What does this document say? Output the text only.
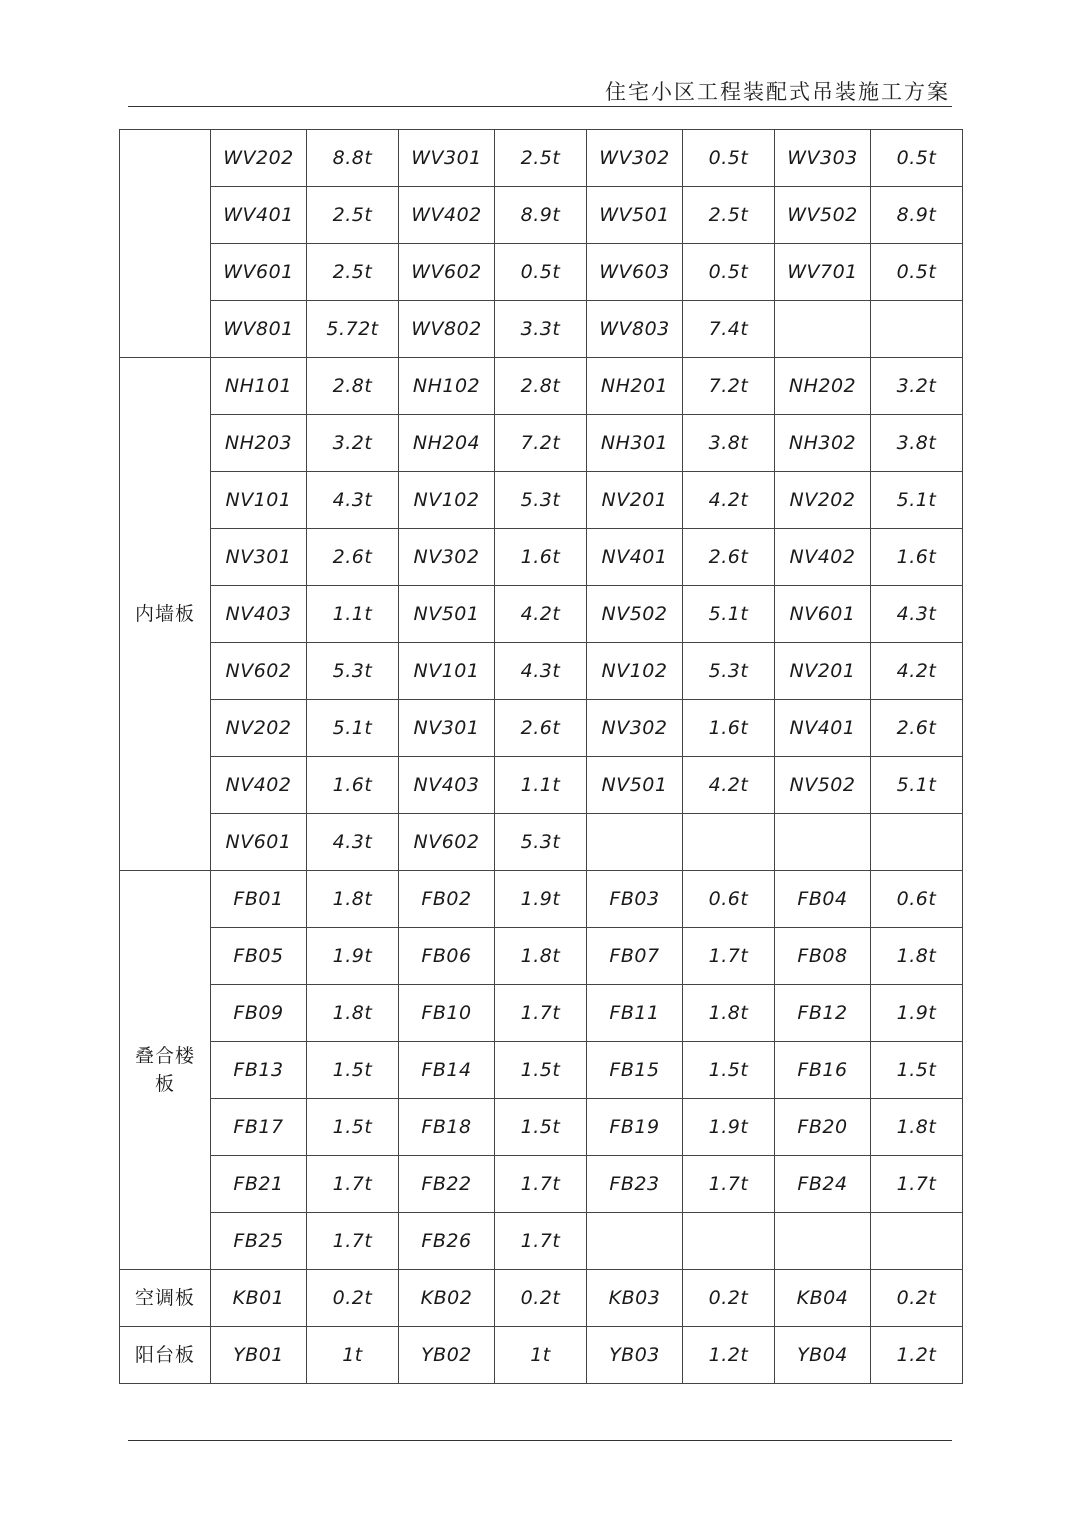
住宅小区工程装配式吊装施工方案
	WV202	8.8t	WV301	2.5t	WV302	0.5t	WV303	0.5t
	WV401	2.5t	WV402	8.9t	WV501	2.5t	WV502	8.9t
	WV601	2.5t	WV602	0.5t	WV603	0.5t	WV701	0.5t
	WV801	5.72t	WV802	3.3t	WV803	7.4t		
内墙板	NH101	2.8t	NH102	2.8t	NH201	7.2t	NH202	3.2t
	NH203	3.2t	NH204	7.2t	NH301	3.8t	NH302	3.8t
	NV101	4.3t	NV102	5.3t	NV201	4.2t	NV202	5.1t
	NV301	2.6t	NV302	1.6t	NV401	2.6t	NV402	1.6t
	NV403	1.1t	NV501	4.2t	NV502	5.1t	NV601	4.3t
	NV602	5.3t	NV101	4.3t	NV102	5.3t	NV201	4.2t
	NV202	5.1t	NV301	2.6t	NV302	1.6t	NV401	2.6t
	NV402	1.6t	NV403	1.1t	NV501	4.2t	NV502	5.1t
	NV601	4.3t	NV602	5.3t				
叠合楼板	FB01	1.8t	FB02	1.9t	FB03	0.6t	FB04	0.6t
	FB05	1.9t	FB06	1.8t	FB07	1.7t	FB08	1.8t
	FB09	1.8t	FB10	1.7t	FB11	1.8t	FB12	1.9t
	FB13	1.5t	FB14	1.5t	FB15	1.5t	FB16	1.5t
	FB17	1.5t	FB18	1.5t	FB19	1.9t	FB20	1.8t
	FB21	1.7t	FB22	1.7t	FB23	1.7t	FB24	1.7t
	FB25	1.7t	FB26	1.7t				
空调板	KB01	0.2t	KB02	0.2t	KB03	0.2t	KB04	0.2t
阳台板	YB01	1t	YB02	1t	YB03	1.2t	YB04	1.2t
